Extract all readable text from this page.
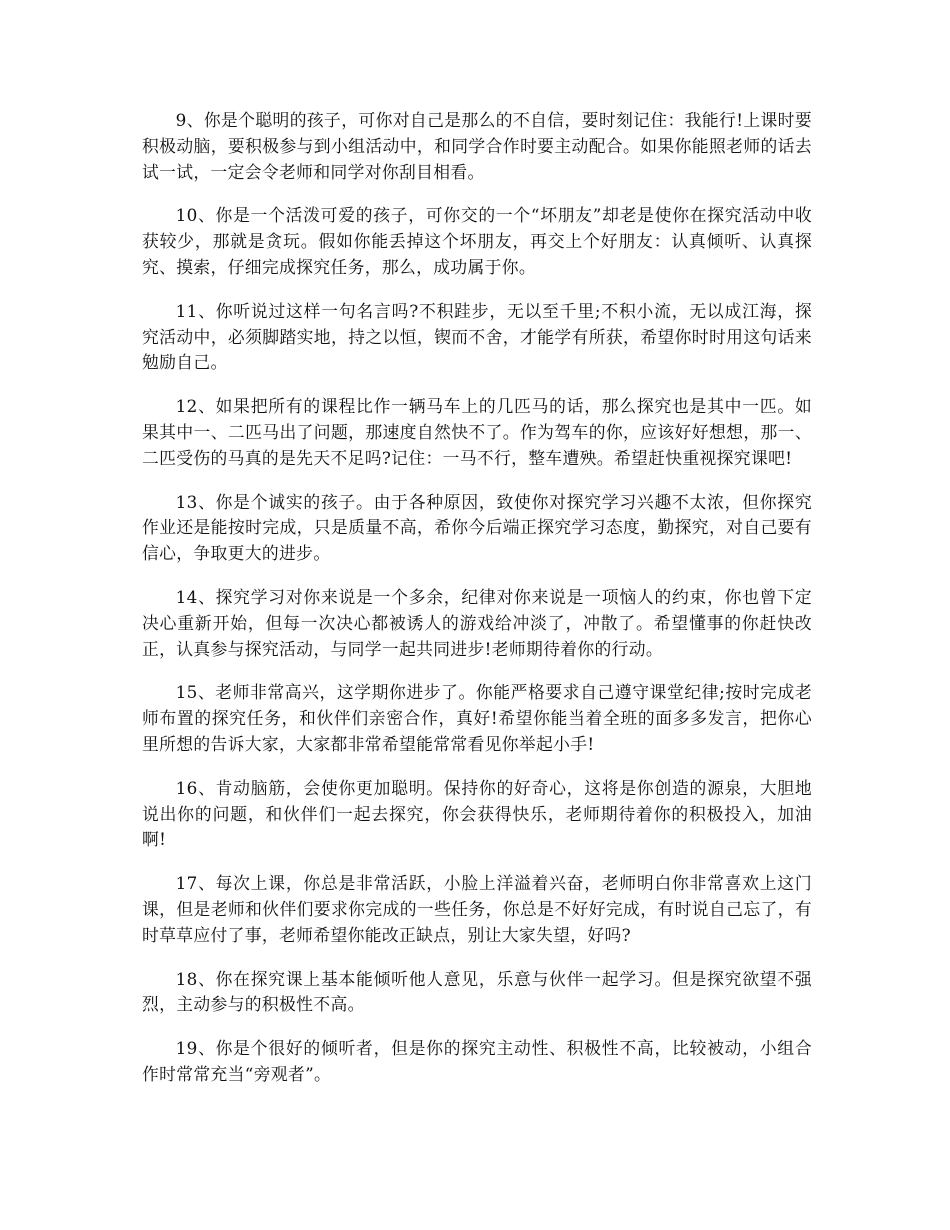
9、你是个聪明的孩子，可你对自己是那么的不自信，要时刻记住：我能行!上课时要积极动脑，要积极参与到小组活动中，和同学合作时要主动配合。如果你能照老师的话去试一试，一定会令老师和同学对你刮目相看。

10、你是一个活泼可爱的孩子，可你交的一个“坏朋友”却老是使你在探究活动中收获较少，那就是贪玩。假如你能丢掉这个坏朋友，再交上个好朋友：认真倾听、认真探究、摸索，仔细完成探究任务，那么，成功属于你。

11、你听说过这样一句名言吗?不积跬步，无以至千里;不积小流，无以成江海，探究活动中，必须脚踏实地，持之以恒，锲而不舍，才能学有所获，希望你时时用这句话来勉励自己。

12、如果把所有的课程比作一辆马车上的几匹马的话，那么探究也是其中一匹。如果其中一、二匹马出了问题，那速度自然快不了。作为驾车的你，应该好好想想，那一、二匹受伤的马真的是先天不足吗?记住：一马不行，整车遭殃。希望赶快重视探究课吧!

13、你是个诚实的孩子。由于各种原因，致使你对探究学习兴趣不太浓，但你探究作业还是能按时完成，只是质量不高，希你今后端正探究学习态度，勤探究，对自己要有信心，争取更大的进步。

14、探究学习对你来说是一个多余，纪律对你来说是一项恼人的约束，你也曾下定决心重新开始，但每一次决心都被诱人的游戏给冲淡了，冲散了。希望懂事的你赶快改正，认真参与探究活动，与同学一起共同进步!老师期待着你的行动。

15、老师非常高兴，这学期你进步了。你能严格要求自己遵守课堂纪律;按时完成老师布置的探究任务，和伙伴们亲密合作，真好!希望你能当着全班的面多多发言，把你心里所想的告诉大家，大家都非常希望能常常看见你举起小手!

16、肯动脑筋，会使你更加聪明。保持你的好奇心，这将是你创造的源泉，大胆地说出你的问题，和伙伴们一起去探究，你会获得快乐，老师期待着你的积极投入，加油啊!

17、每次上课，你总是非常活跃，小脸上洋溢着兴奋，老师明白你非常喜欢上这门课，但是老师和伙伴们要求你完成的一些任务，你总是不好好完成，有时说自己忘了，有时草草应付了事，老师希望你能改正缺点，别让大家失望，好吗?

18、你在探究课上基本能倾听他人意见，乐意与伙伴一起学习。但是探究欲望不强烈，主动参与的积极性不高。

19、你是个很好的倾听者，但是你的探究主动性、积极性不高，比较被动，小组合作时常常充当“旁观者”。
